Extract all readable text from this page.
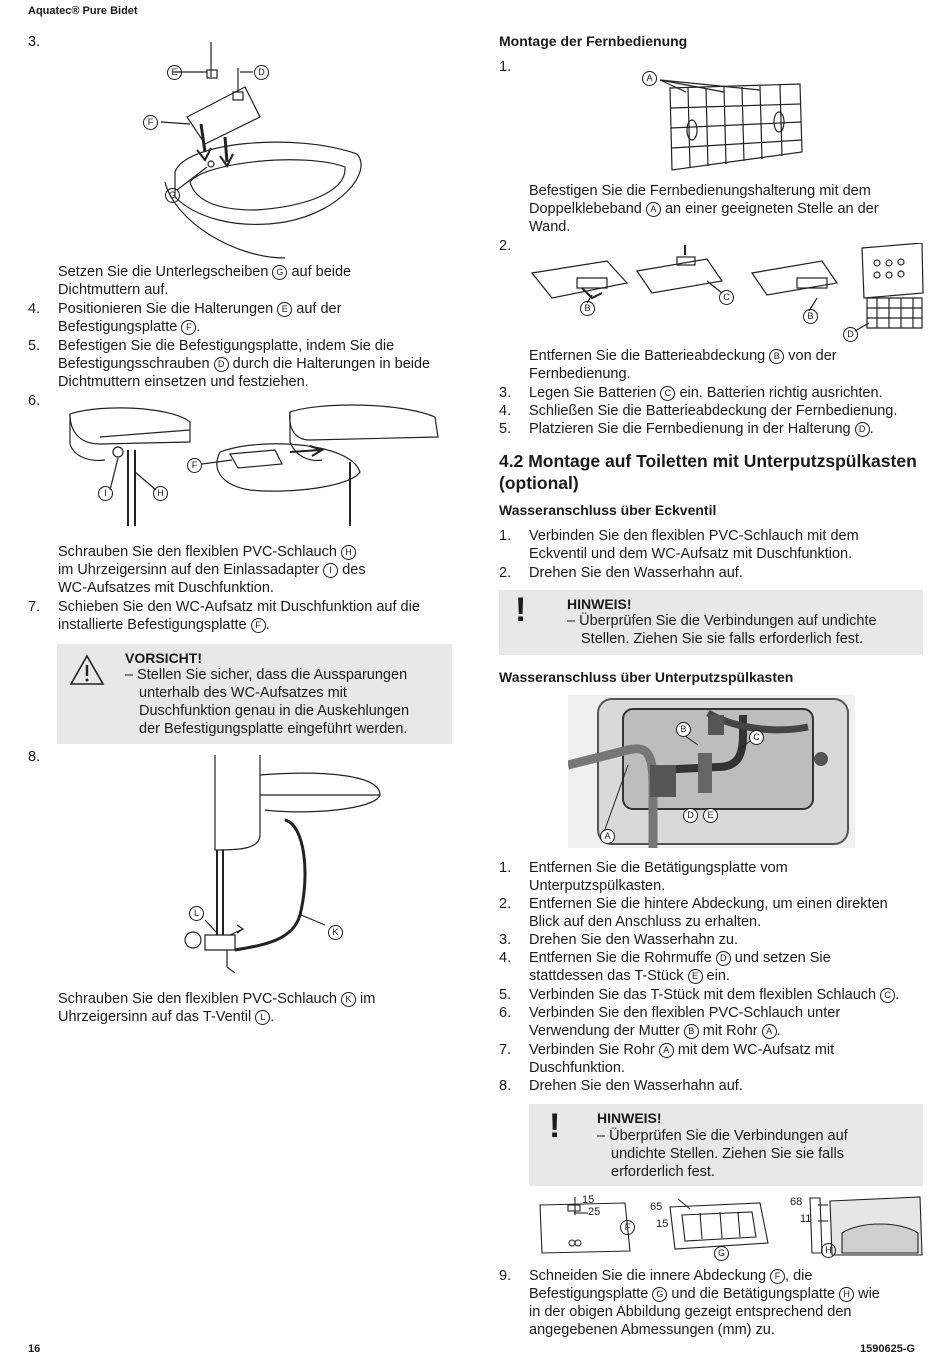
Aquatec® Pure Bidet
16	1590625-G
3.
E	D
F
G
Setzen Sie die Unterlegscheiben G auf beide
Dichtmuttern auf.
4. Positionieren Sie die Halterungen E auf der
Befestigungsplatte F .
5. Befestigen Sie die Befestigungsplatte, indem Sie die
Befestigungsschrauben D durch die Halterungen in beide
Dichtmuttern einsetzen und festziehen.
6.
I	H
F
Schrauben Sie den flexiblen PVC-Schlauch H
im Uhrzeigersinn auf den Einlassadapter I des
WC-Aufsatzes mit Duschfunktion.
7. Schieben Sie den WC-Aufsatz mit Duschfunktion auf die
installierte Befestigungsplatte F .
VORSICHT!
– Stellen Sie sicher, dass die Aussparungen
unterhalb des WC-Aufsatzes mit
Duschfunktion genau in die Auskehlungen
der Befestigungsplatte eingeführt werden.
8.
L
K
Schrauben Sie den flexiblen PVC-Schlauch K im
Uhrzeigersinn auf das T-Ventil L .
Montage der Fernbedienung
1.
A
Befestigen Sie die Fernbedienungshalterung mit dem
Doppelklebeband A an einer geeigneten Stelle an der
Wand.
2.
B
C
B
D
Entfernen Sie die Batterieabdeckung B von der
Fernbedienung.
3. Legen Sie Batterien C ein. Batterien richtig ausrichten.
4. Schließen Sie die Batterieabdeckung der Fernbedienung.
5. Platzieren Sie die Fernbedienung in der Halterung D .
4.2 Montage auf Toiletten mit Unterputzspülkasten
(optional)
Wasseranschluss über Eckventil
1. Verbinden Sie den flexiblen PVC-Schlauch mit dem
Eckventil und dem WC-Aufsatz mit Duschfunktion.
2. Drehen Sie den Wasserhahn auf.
!	HINWEIS!
– Überprüfen Sie die Verbindungen auf undichte
Stellen. Ziehen Sie sie falls erforderlich fest.
Wasseranschluss über Unterputzspülkasten
B
C
D	E
A
1. Entfernen Sie die Betätigungsplatte vom
Unterputzspülkasten.
2. Entfernen Sie die hintere Abdeckung, um einen direkten
Blick auf den Anschluss zu erhalten.
3. Drehen Sie den Wasserhahn zu.
4. Entfernen Sie die Rohrmuffe D und setzen Sie
stattdessen das T-Stück E ein.
5. Verbinden Sie das T-Stück mit dem flexiblen Schlauch C .
6. Verbinden Sie den flexiblen PVC-Schlauch unter
Verwendung der Mutter B mit Rohr A .
7. Verbinden Sie Rohr A mit dem WC-Aufsatz mit
Duschfunktion.
8. Drehen Sie den Wasserhahn auf.
!	HINWEIS!
– Überprüfen Sie die Verbindungen auf
undichte Stellen. Ziehen Sie sie falls
erforderlich fest.
15
25	65
15
68
11
F
G	H
9. Schneiden Sie die innere Abdeckung F , die
Befestigungsplatte G und die Betätigungsplatte H wie
in der obigen Abbildung gezeigt entsprechend den
angegebenen Abmessungen (mm) zu.
